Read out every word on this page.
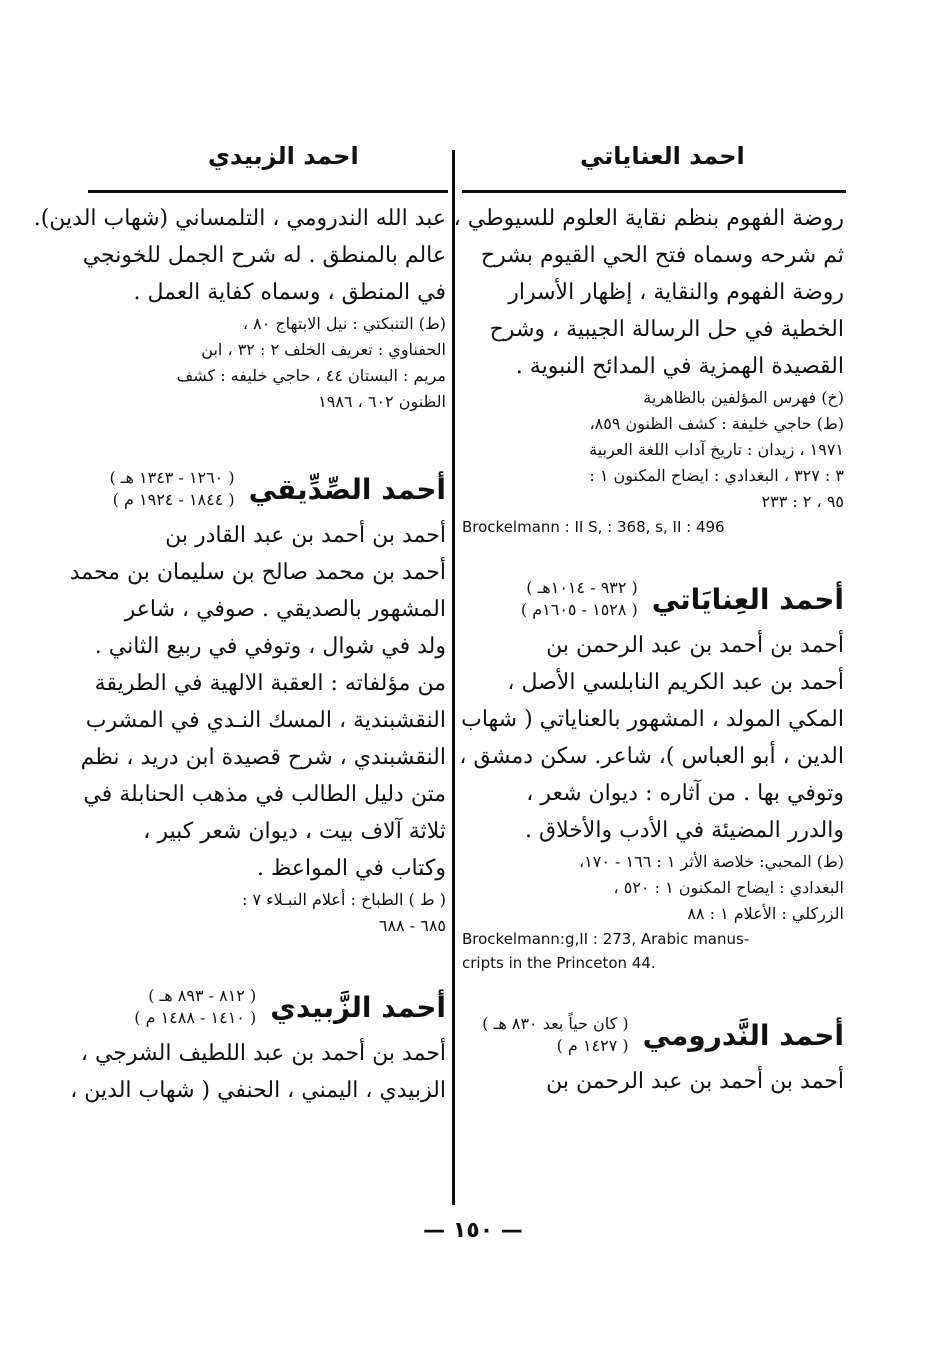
احمد العناياتي
احمد الزبيدي
روضة الفهوم بنظم نقاية العلوم للسيوطي ،
ثم شرحه وسماه فتح الحي القيوم بشرح
روضة الفهوم والنقاية ، إظهار الأسرار
الخطية في حل الرسالة الجيبية ، وشرح
القصيدة الهمزية في المدائح النبوية .
(خ) فهرس المؤلفين بالظاهرية
(ط) حاجي خليفة : كشف الظنون ٨٥٩،
١٩٧١ ، زيدان : تاريخ آداب اللغة العربية
٣ : ٣٢٧ ، البغدادي : ايضاح المكنون ١ :
٩٥ ، ٢ : ٢٣٣
Brockelmann : II S, : 368, s, II : 496
أحمد العِنايَاتي
( ٩٣٢ - ١٠١٤هـ )
( ١٥٢٨ - ١٦٠٥م )
أحمد بن أحمد بن عبد الرحمن بن
أحمد بن عبد الكريم النابلسي الأصل ،
المكي المولد ، المشهور بالعناياتي ( شهاب
الدين ، أبو العباس )، شاعر. سكن دمشق ،
وتوفي بها . من آثاره : ديوان شعر ،
والدرر المضيئة في الأدب والأخلاق .
(ط) المحبي: خلاصة الأثر ١ : ١٦٦ - ١٧٠،
البغدادي : ايضاح المكنون ١ : ٥٢٠ ،
الزركلي : الأعلام ١ : ٨٨
Brockelmann:g,II : 273, Arabic manus-
cripts in the Princeton 44.
أحمد النَّدرومي
( كان حياً بعد ٨٣٠ هـ )
( ١٤٢٧ م )
أحمد بن أحمد بن عبد الرحمن بن
عبد الله الندرومي ، التلمساني (شهاب الدين).
عالم بالمنطق . له شرح الجمل للخونجي
في المنطق ، وسماه كفاية العمل .
(ط) التنبكتي : نيل الابتهاج ٨٠ ،
الحفناوي : تعريف الخلف ٢ : ٣٢ ، ابن
مريم : البستان ٤٤ ، حاجي خليفه : كشف
الظنون ٦٠٢ ، ١٩٨٦
أحمد الصِّدِّيقي
( ١٢٦٠ - ١٣٤٣ هـ )
( ١٨٤٤ - ١٩٢٤ م )
أحمد بن أحمد بن عبد القادر بن
أحمد بن محمد صالح بن سليمان بن محمد
المشهور بالصديقي . صوفي ، شاعر
ولد في شوال ، وتوفي في ربيع الثاني .
من مؤلفاته : العقبة الالهية في الطريقة
النقشبندية ، المسك النـدي في المشرب
النقشبندي ، شرح قصيدة ابن دريد ، نظم
متن دليل الطالب في مذهب الحنابلة في
ثلاثة آلاف بيت ، ديوان شعر كبير ،
وكتاب في المواعظ .
( ط ) الطباخ : أعلام النبـلاء ٧ :
٦٨٥ - ٦٨٨
أحمد الزَّبيدي
( ٨١٢ - ٨٩٣ هـ )
( ١٤١٠ - ١٤٨٨ م )
أحمد بن أحمد بن عبد اللطيف الشرجي ،
الزبيدي ، اليمني ، الحنفي ( شهاب الدين ،
— ١٥٠ —
